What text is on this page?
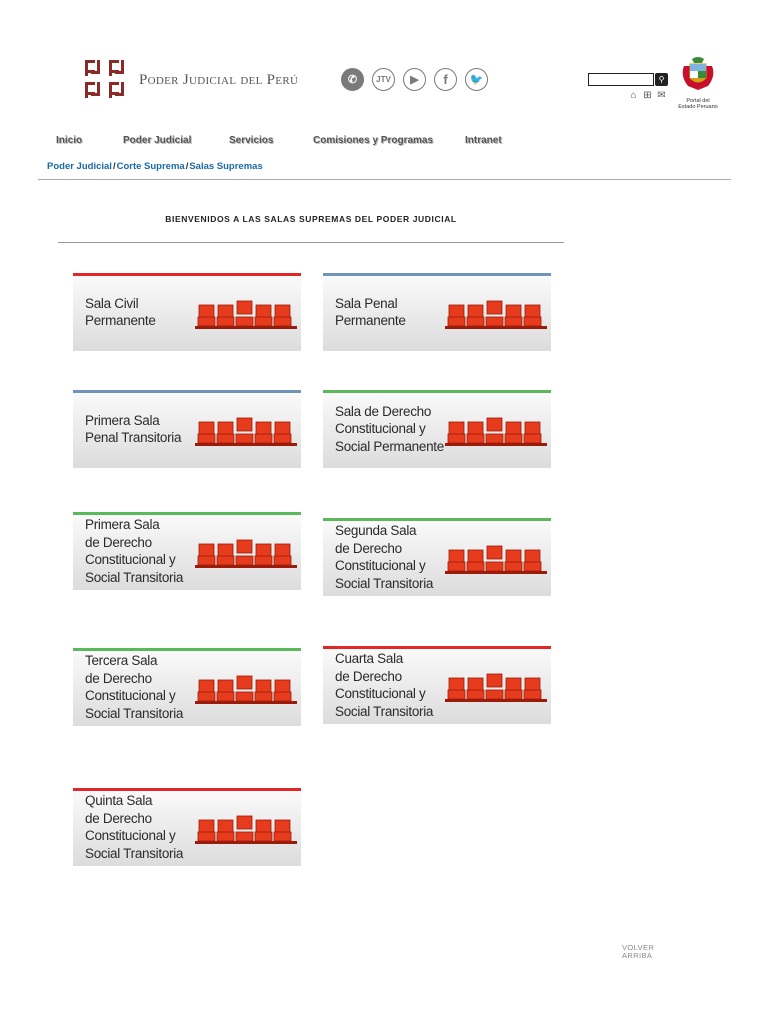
Poder Judicial del Perú	✆	JTV	▶	f	🐦	⚲
⌂ ⊞ ✉	Portal del
Estado Peruano
Inicio	Poder Judicial	Servicios	Comisiones y Programas	Intranet
Poder Judicial/Corte Suprema/Salas Supremas
BIENVENIDOS A LAS SALAS SUPREMAS DEL PODER JUDICIAL
Sala Civil
Permanente
Sala Penal
Permanente
Primera Sala
Penal Transitoria
Sala de Derecho
Constitucional y
Social Permanente
Primera Sala
de Derecho
Constitucional y
Social Transitoria
Segunda Sala
de Derecho
Constitucional y
Social Transitoria
Tercera Sala
de Derecho
Constitucional y
Social Transitoria
Cuarta Sala
de Derecho
Constitucional y
Social Transitoria
Quinta Sala
de Derecho
Constitucional y
Social Transitoria
VOLVER ARRIBA
